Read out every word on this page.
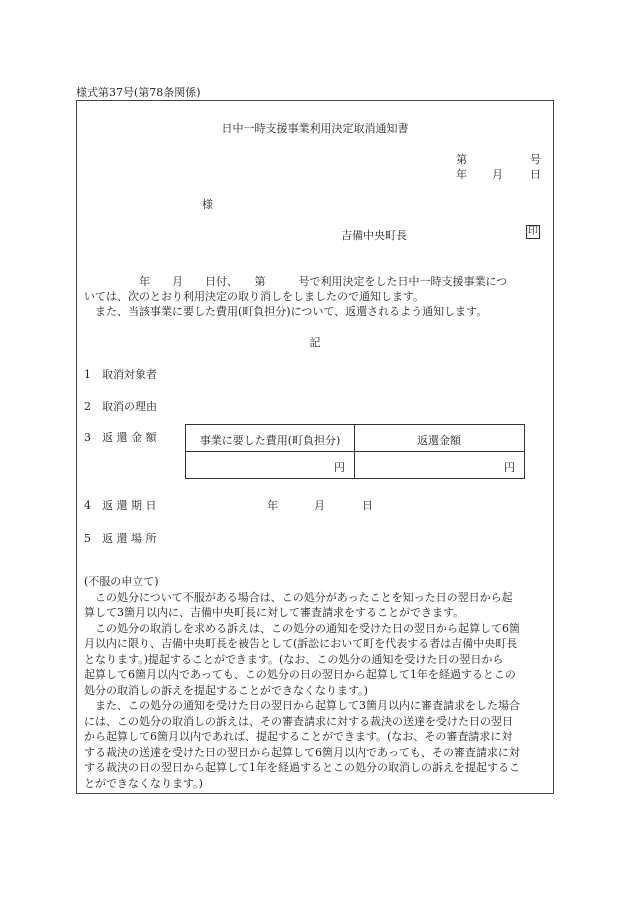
様式第37号(第78条関係)
日中一時支援事業利用決定取消通知書
第	号
年 月 日
様
吉備中央町長	印
　　　　　年　　月　　日付、　　第　　　号で利用決定をした日中一時支援事業につ
いては、次のとおり利用決定の取り消しをしましたので通知します。
　また、当該事業に要した費用(町負担分)について、返還されるよう通知します。
記
1 取消対象者
2 取消の理由
3 返 還 金 額
4 返 還 期 日
5 返 還 場 所
事業に要した費用(町負担分)	返還金額
円	円
年	月	日
(不服の申立て)
　この処分について不服がある場合は、この処分があったことを知った日の翌日から起
算して3箇月以内に、吉備中央町長に対して審査請求をすることができます。
　この処分の取消しを求める訴えは、この処分の通知を受けた日の翌日から起算して6箇
月以内に限り、吉備中央町長を被告として(訴訟において町を代表する者は吉備中央町長
となります。)提起することができます。(なお、この処分の通知を受けた日の翌日から
起算して6箇月以内であっても、この処分の日の翌日から起算して1年を経過するとこの
処分の取消しの訴えを提起することができなくなります。)
　また、この処分の通知を受けた日の翌日から起算して3箇月以内に審査請求をした場合
には、この処分の取消しの訴えは、その審査請求に対する裁決の送達を受けた日の翌日
から起算して6箇月以内であれば、提起することができます。(なお、その審査請求に対
する裁決の送達を受けた日の翌日から起算して6箇月以内であっても、その審査請求に対
する裁決の日の翌日から起算して1年を経過するとこの処分の取消しの訴えを提起するこ
とができなくなります。)
